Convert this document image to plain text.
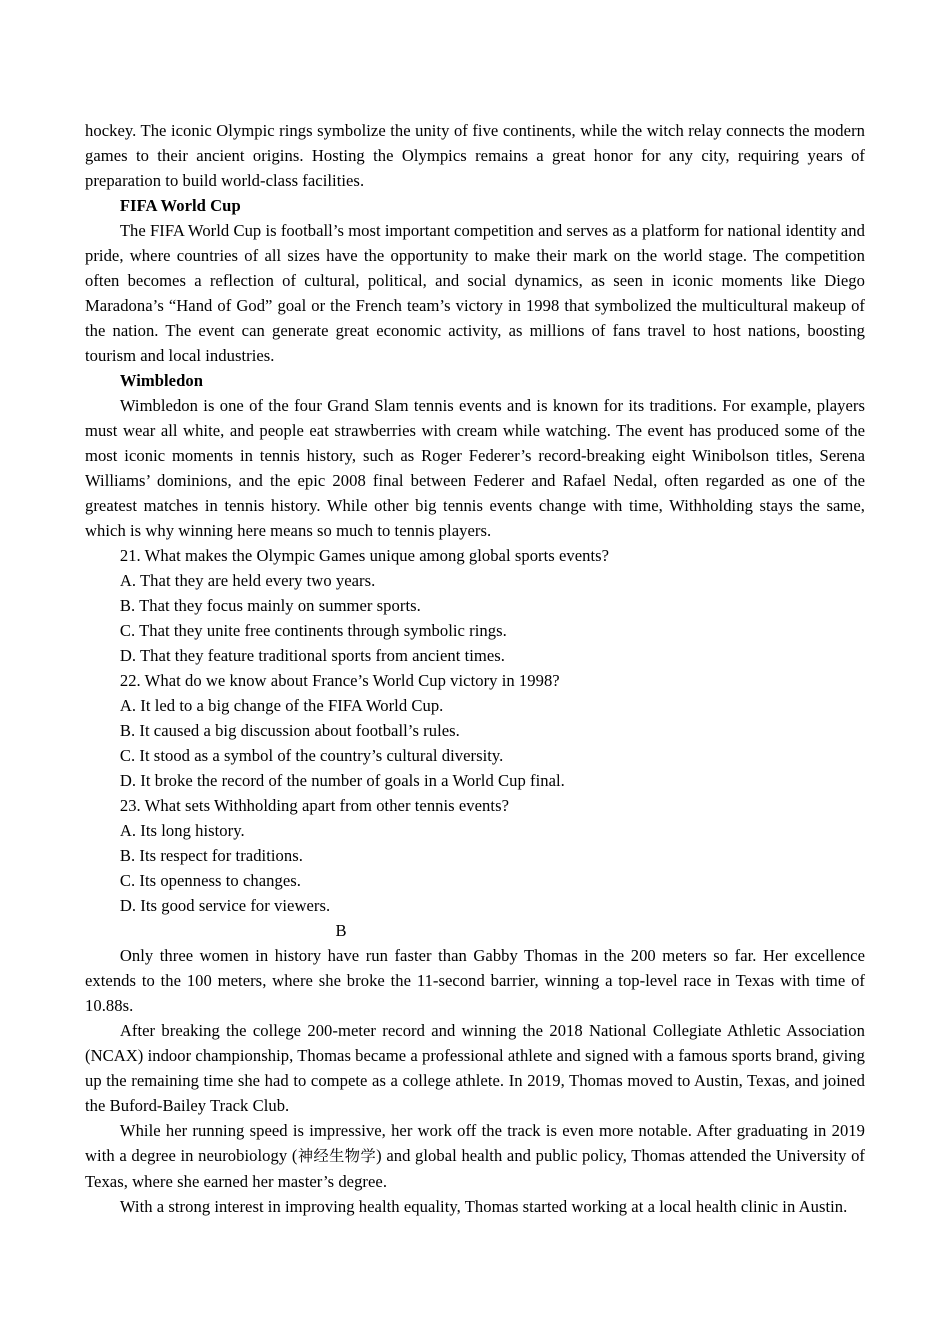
hockey. The iconic Olympic rings symbolize the unity of five continents, while the witch relay connects the modern games to their ancient origins. Hosting the Olympics remains a great honor for any city, requiring years of preparation to build world-class facilities.

FIFA World Cup

The FIFA World Cup is football’s most important competition and serves as a platform for national identity and pride, where countries of all sizes have the opportunity to make their mark on the world stage. The competition often becomes a reflection of cultural, political, and social dynamics, as seen in iconic moments like Diego Maradona’s “Hand of God” goal or the French team’s victory in 1998 that symbolized the multicultural makeup of the nation. The event can generate great economic activity, as millions of fans travel to host nations, boosting tourism and local industries.

Wimbledon

Wimbledon is one of the four Grand Slam tennis events and is known for its traditions. For example, players must wear all white, and people eat strawberries with cream while watching. The event has produced some of the most iconic moments in tennis history, such as Roger Federer’s record-breaking eight Winibolson titles, Serena Williams’ dominions, and the epic 2008 final between Federer and Rafael Nedal, often regarded as one of the greatest matches in tennis history. While other big tennis events change with time, Withholding stays the same, which is why winning here means so much to tennis players.

21. What makes the Olympic Games unique among global sports events?

A. That they are held every two years.

B. That they focus mainly on summer sports.

C. That they unite free continents through symbolic rings.

D. That they feature traditional sports from ancient times.

22. What do we know about France’s World Cup victory in 1998?

A. It led to a big change of the FIFA World Cup.

B. It caused a big discussion about football’s rules.

C. It stood as a symbol of the country’s cultural diversity.

D. It broke the record of the number of goals in a World Cup final.

23. What sets Withholding apart from other tennis events?

A. Its long history.

B. Its respect for traditions.

C. Its openness to changes.

D. Its good service for viewers.

B

Only three women in history have run faster than Gabby Thomas in the 200 meters so far. Her excellence extends to the 100 meters, where she broke the 11-second barrier, winning a top-level race in Texas with time of 10.88s.

After breaking the college 200-meter record and winning the 2018 National Collegiate Athletic Association (NCAX) indoor championship, Thomas became a professional athlete and signed with a famous sports brand, giving up the remaining time she had to compete as a college athlete. In 2019, Thomas moved to Austin, Texas, and joined the Buford-Bailey Track Club.

While her running speed is impressive, her work off the track is even more notable. After graduating in 2019 with a degree in neurobiology (神经生物学) and global health and public policy, Thomas attended the University of Texas, where she earned her master’s degree.

With a strong interest in improving health equality, Thomas started working at a local health clinic in Austin.
